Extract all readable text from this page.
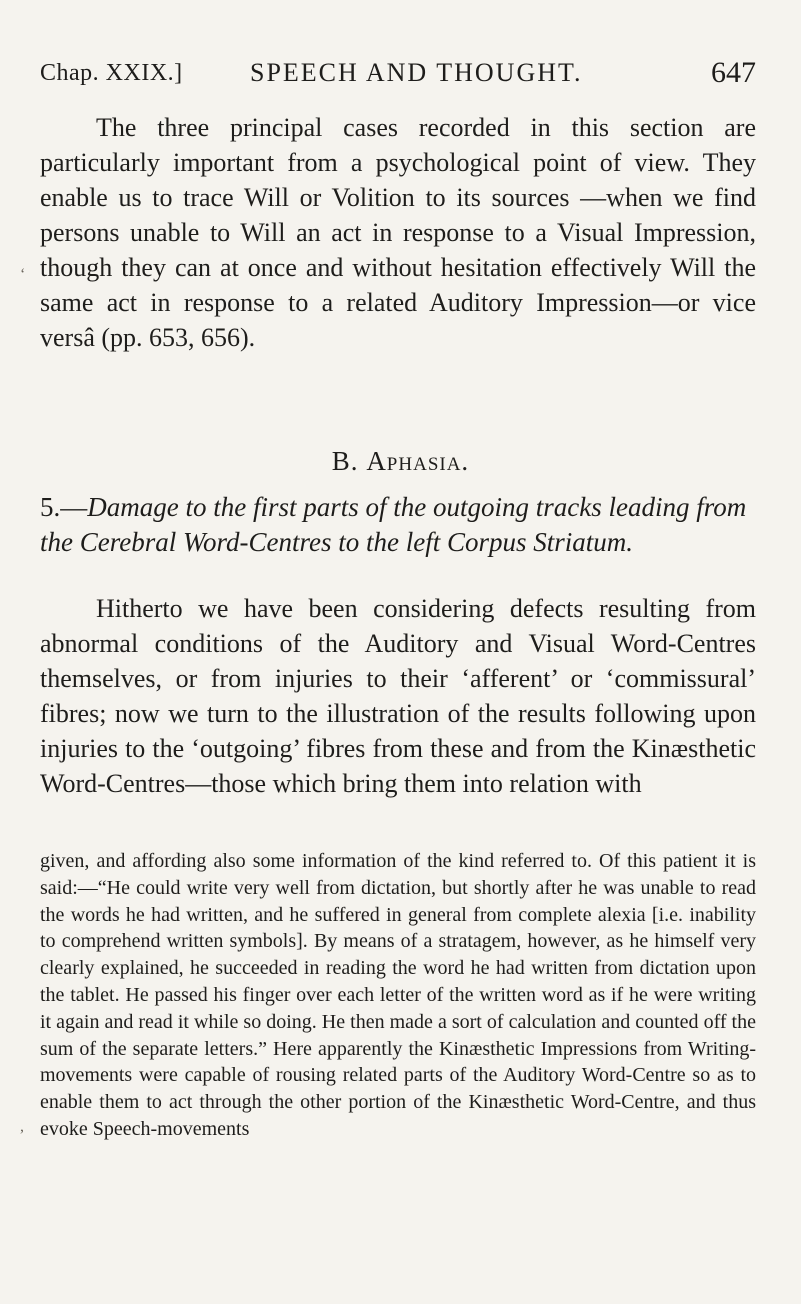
Chap. XXIX.]	SPEECH AND THOUGHT.	647

The three principal cases recorded in this section are particularly important from a psychological point of view. They enable us to trace Will or Volition to its sources —when we find persons unable to Will an act in response to a Visual Impression, though they can at once and without hesitation effectively Will the same act in response to a related Auditory Impression—or vice versâ (pp. 653, 656).

B. Aphasia.
5.—Damage to the first parts of the outgoing tracks leading from the Cerebral Word-Centres to the left Corpus Striatum.

Hitherto we have been considering defects resulting from abnormal conditions of the Auditory and Visual Word-Centres themselves, or from injuries to their ‘afferent’ or ‘commissural’ fibres; now we turn to the illustration of the results following upon injuries to the ‘outgoing’ fibres from these and from the Kinæsthetic Word-Centres—those which bring them into relation with

given, and affording also some information of the kind referred to. Of this patient it is said:—“He could write very well from dictation, but shortly after he was unable to read the words he had written, and he suffered in general from complete alexia [i.e. inability to comprehend written symbols]. By means of a stratagem, however, as he himself very clearly explained, he succeeded in reading the word he had written from dictation upon the tablet. He passed his finger over each letter of the written word as if he were writing it again and read it while so doing. He then made a sort of calculation and counted off the sum of the separate letters.” Here apparently the Kinæsthetic Impressions from Writing-movements were capable of rousing related parts of the Auditory Word-Centre so as to enable them to act through the other portion of the Kinæsthetic Word-Centre, and thus evoke Speech-movements

ʻ
,
